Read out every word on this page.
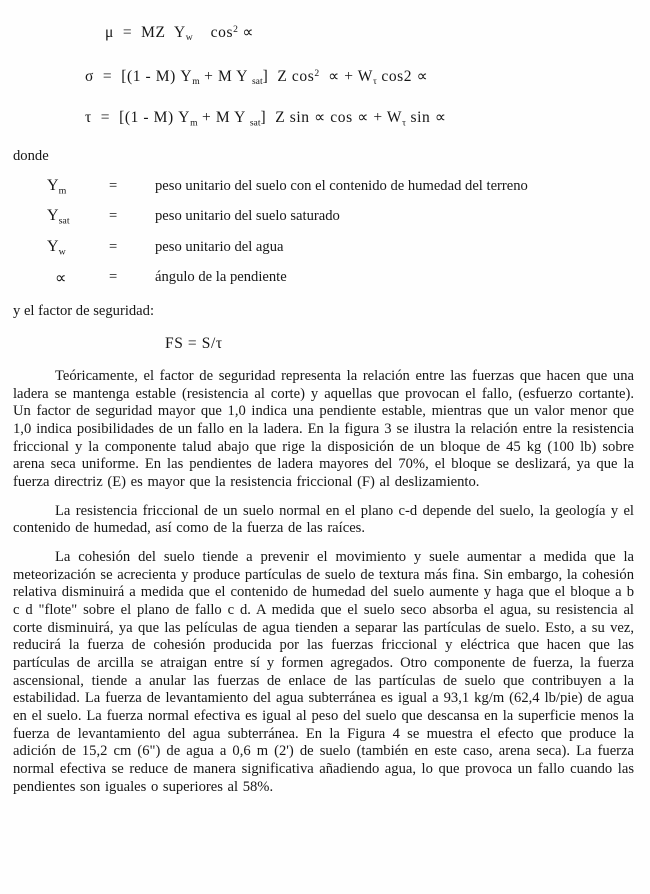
μ  =  MZ  $Y_w$    $\cos^2$ ∝
σ  =  [(1 - M) $Y_m + M$ Y $_{sat}$]  Z $\cos^2$  ∝ + $W_\tau$ cos2 ∝
τ  =  [(1 - M) $Y_m + M$ Y $_{sat}$]  Z sin ∝ cos ∝ + $W_\tau$ sin ∝
donde
$Y_m$	=	peso unitario del suelo con el contenido de humedad del terreno
$Y_{sat}$	=	peso unitario del suelo saturado
$Y_w$	=	peso unitario del agua
∝	=	ángulo de la pendiente
y el factor de seguridad:
FS = S/τ

Teóricamente, el factor de seguridad representa la relación entre las fuerzas que hacen que una ladera se mantenga estable (resistencia al corte) y aquellas que provocan el fallo, (esfuerzo cortante). Un factor de seguridad mayor que 1,0 indica una pendiente estable, mientras que un valor menor que 1,0 indica posibilidades de un fallo en la ladera. En la figura 3 se ilustra la relación entre la resistencia friccional y la componente talud abajo que rige la disposición de un bloque de 45 kg (100 lb) sobre arena seca uniforme. En las pendientes de ladera mayores del 70%, el bloque se deslizará, ya que la fuerza directriz (E) es mayor que la resistencia friccional (F) al deslizamiento.

La resistencia friccional de un suelo normal en el plano c-d depende del suelo, la geología y el contenido de humedad, así como de la fuerza de las raíces.

La cohesión del suelo tiende a prevenir el movimiento y suele aumentar a medida que la meteorización se acrecienta y produce partículas de suelo de textura más fina. Sin embargo, la cohesión relativa disminuirá a medida que el contenido de humedad del suelo aumente y haga que el bloque a b c d "flote" sobre el plano de fallo c d. A medida que el suelo seco absorba el agua, su resistencia al corte disminuirá, ya que las películas de agua tienden a separar las partículas de suelo. Esto, a su vez, reducirá la fuerza de cohesión producida por las fuerzas friccional y eléctrica que hacen que las partículas de arcilla se atraigan entre sí y formen agregados. Otro componente de fuerza, la fuerza ascensional, tiende a anular las fuerzas de enlace de las partículas de suelo que contribuyen a la estabilidad. La fuerza de levantamiento del agua subterránea es igual a 93,1 kg/m (62,4 lb/pie) de agua en el suelo. La fuerza normal efectiva es igual al peso del suelo que descansa en la superficie menos la fuerza de levantamiento del agua subterránea. En la Figura 4 se muestra el efecto que produce la adición de 15,2 cm (6") de agua a 0,6 m (2') de suelo (también en este caso, arena seca). La fuerza normal efectiva se reduce de manera significativa añadiendo agua, lo que provoca un fallo cuando las pendientes son iguales o superiores al 58%.
